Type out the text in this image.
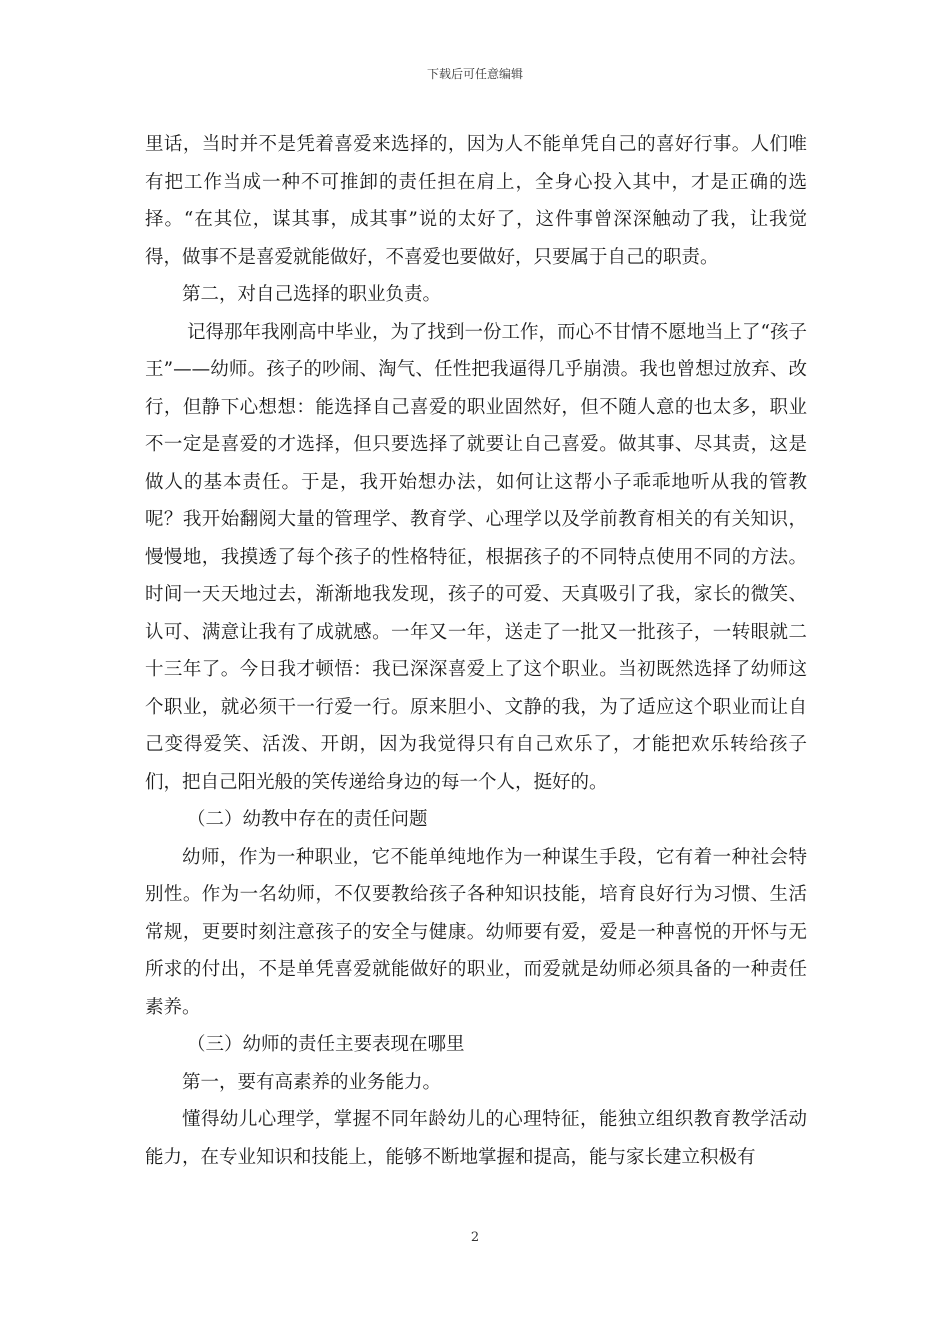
下载后可任意编辑

里话，当时并不是凭着喜爱来选择的，因为人不能单凭自己的喜好行事。人们唯有把工作当成一种不可推卸的责任担在肩上，全身心投入其中，才是正确的选择。“在其位，谋其事，成其事”说的太好了，这件事曾深深触动了我，让我觉得，做事不是喜爱就能做好，不喜爱也要做好，只要属于自己的职责。

第二，对自己选择的职业负责。

记得那年我刚高中毕业，为了找到一份工作，而心不甘情不愿地当上了“孩子王”——幼师。孩子的吵闹、淘气、任性把我逼得几乎崩溃。我也曾想过放弃、改行，但静下心想想：能选择自己喜爱的职业固然好，但不随人意的也太多，职业不一定是喜爱的才选择，但只要选择了就要让自己喜爱。做其事、尽其责，这是做人的基本责任。于是，我开始想办法，如何让这帮小子乖乖地听从我的管教呢？我开始翻阅大量的管理学、教育学、心理学以及学前教育相关的有关知识，慢慢地，我摸透了每个孩子的性格特征，根据孩子的不同特点使用不同的方法。时间一天天地过去，渐渐地我发现，孩子的可爱、天真吸引了我，家长的微笑、认可、满意让我有了成就感。一年又一年，送走了一批又一批孩子，一转眼就二十三年了。今日我才顿悟：我已深深喜爱上了这个职业。当初既然选择了幼师这个职业，就必须干一行爱一行。原来胆小、文静的我，为了适应这个职业而让自己变得爱笑、活泼、开朗，因为我觉得只有自己欢乐了，才能把欢乐转给孩子们，把自己阳光般的笑传递给身边的每一个人，挺好的。

（二）幼教中存在的责任问题

幼师，作为一种职业，它不能单纯地作为一种谋生手段，它有着一种社会特别性。作为一名幼师，不仅要教给孩子各种知识技能，培育良好行为习惯、生活常规，更要时刻注意孩子的安全与健康。幼师要有爱，爱是一种喜悦的开怀与无所求的付出，不是单凭喜爱就能做好的职业，而爱就是幼师必须具备的一种责任素养。

（三）幼师的责任主要表现在哪里

第一，要有高素养的业务能力。

懂得幼儿心理学，掌握不同年龄幼儿的心理特征，能独立组织教育教学活动能力，在专业知识和技能上，能够不断地掌握和提高，能与家长建立积极有

2
